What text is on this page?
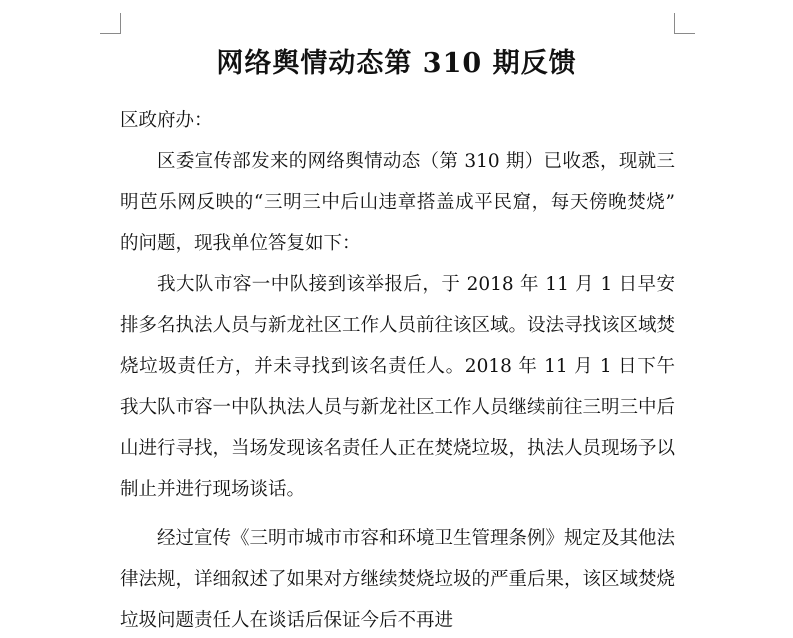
网络舆情动态第 310 期反馈

区政府办：

区委宣传部发来的网络舆情动态（第 310 期）已收悉，现就三明芭乐网反映的“三明三中后山违章搭盖成平民窟，每天傍晚焚烧”的问题，现我单位答复如下：

我大队市容一中队接到该举报后，于 2018 年 11 月 1 日早安排多名执法人员与新龙社区工作人员前往该区域。设法寻找该区域焚烧垃圾责任方，并未寻找到该名责任人。2018 年 11 月 1 日下午我大队市容一中队执法人员与新龙社区工作人员继续前往三明三中后山进行寻找，当场发现该名责任人正在焚烧垃圾，执法人员现场予以制止并进行现场谈话。

经过宣传《三明市城市市容和环境卫生管理条例》规定及其他法律法规，详细叙述了如果对方继续焚烧垃圾的严重后果，该区域焚烧垃圾问题责任人在谈话后保证今后不再进
